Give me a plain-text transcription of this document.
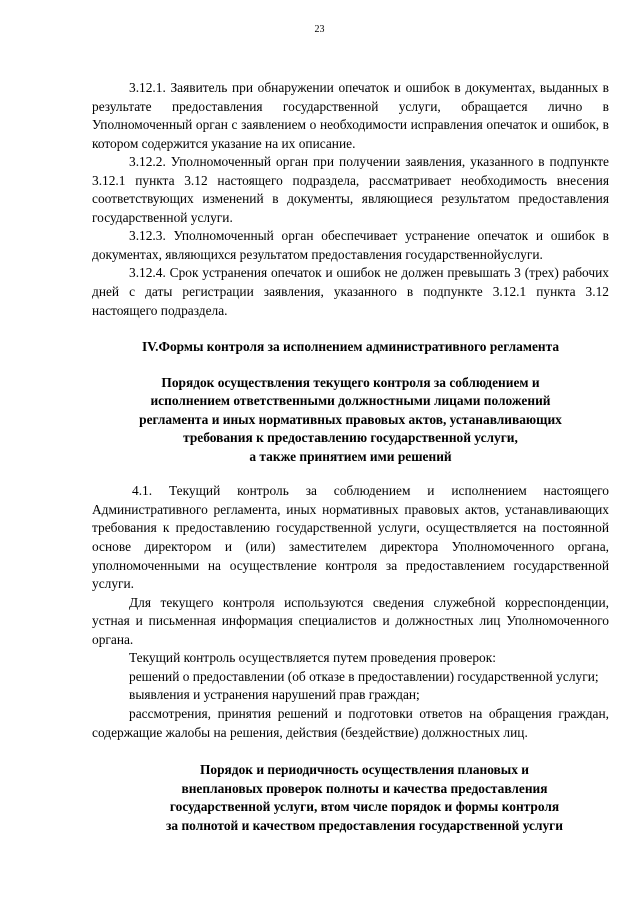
23

3.12.1. Заявитель при обнаружении опечаток и ошибок в документах, выданных в результате предоставления государственной услуги, обращается лично в Уполномоченный орган с заявлением о необходимости исправления опечаток и ошибок, в котором содержится указание на их описание.

3.12.2. Уполномоченный орган при получении заявления, указанного в подпункте 3.12.1 пункта 3.12 настоящего подраздела, рассматривает необходимость внесения соответствующих изменений в документы, являющиеся результатом предоставления государственной услуги.

3.12.3. Уполномоченный орган обеспечивает устранение опечаток и ошибок в документах, являющихся результатом предоставления государственнойуслуги.

3.12.4. Срок устранения опечаток и ошибок не должен превышать 3 (трех) рабочих дней с даты регистрации заявления, указанного в подпункте 3.12.1 пункта 3.12 настоящего подраздела.

IV.Формы контроля за исполнением административного регламента
Порядок осуществления текущего контроля за соблюдением и
исполнением ответственными должностными лицами положений
регламента и иных нормативных правовых актов, устанавливающих
требования к предоставлению государственной услуги,
а также принятием ими решений

4.1. Текущий контроль за соблюдением и исполнением настоящего Административного регламента, иных нормативных правовых актов, устанавливающих требования к предоставлению государственной услуги, осуществляется на постоянной основе директором и (или) заместителем директора Уполномоченного органа, уполномоченными на осуществление контроля за предоставлением государственной услуги.

Для текущего контроля используются сведения служебной корреспонденции, устная и письменная информация специалистов и должностных лиц Уполномоченного органа.

Текущий контроль осуществляется путем проведения проверок:

решений о предоставлении (об отказе в предоставлении) государственной услуги;

выявления и устранения нарушений прав граждан;

рассмотрения, принятия решений и подготовки ответов на обращения граждан, содержащие жалобы на решения, действия (бездействие) должностных лиц.

Порядок и периодичность осуществления плановых и
внеплановых проверок полноты и качества предоставления
государственной услуги, втом числе порядок и формы контроля
за полнотой и качеством предоставления государственной услуги
